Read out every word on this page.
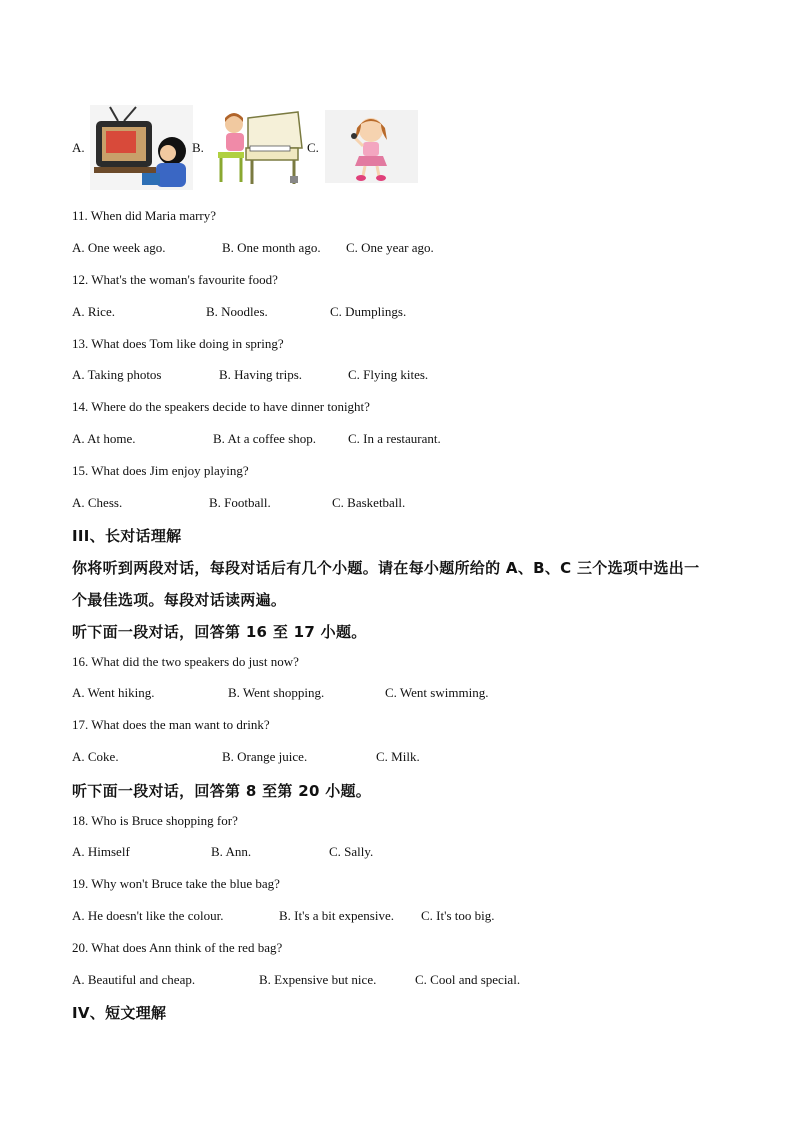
A.	B.	C.
11. When did Maria marry?
A. One week ago.	B. One month ago. C. One year ago.
12. What's the woman's favourite food?
A. Rice.	B. Noodles.	C. Dumplings.
13. What does Tom like doing in spring?
A. Taking photos	B. Having trips.	C. Flying kites.
14. Where do the speakers decide to have dinner tonight?
A. At home.	B. At a coffee shop. C. In a restaurant.
15. What does Jim enjoy playing?
A. Chess.	B. Football.	C. Basketball.
III、长对话理解
你将听到两段对话，每段对话后有几个小题。请在每小题所给的 A、B、C 三个选项中选出一
个最佳选项。每段对话读两遍。
听下面一段对话，回答第 16 至 17 小题。
16. What did the two speakers do just now?
A. Went hiking.	B. Went shopping.	C. Went swimming.
17. What does the man want to drink?
A. Coke.	B. Orange juice.	C. Milk.
听下面一段对话，回答第 8 至第 20 小题。
18. Who is Bruce shopping for?
A. Himself	B. Ann.	C. Sally.
19. Why won't Bruce take the blue bag?
A. He doesn't like the colour.	B. It's a bit expensive. C. It's too big.
20. What does Ann think of the red bag?
A. Beautiful and cheap.	B. Expensive but nice.	C. Cool and special.
IV、短文理解
